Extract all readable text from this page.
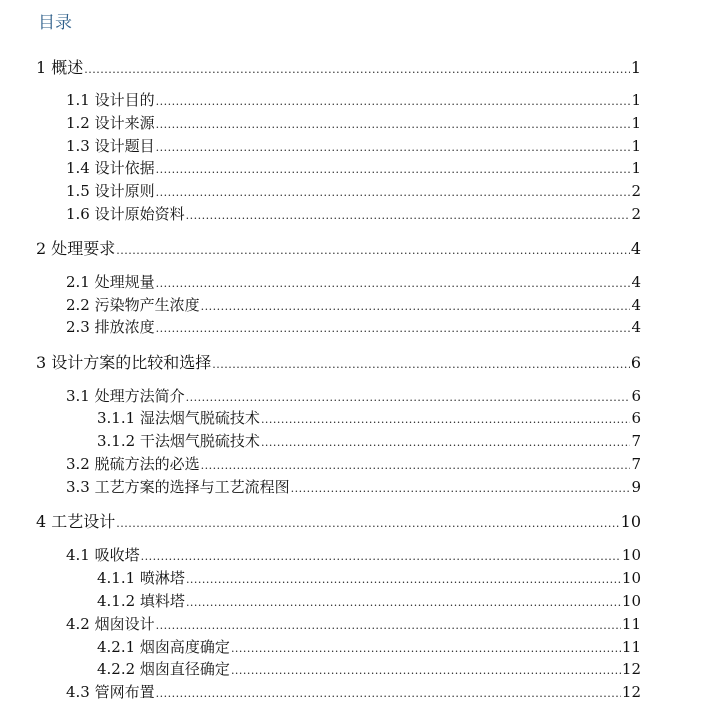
目录
1 概述 .....	1
1.1 设计目的 .....	1
1.2 设计来源 .....	1
1.3 设计题目 .....	1
1.4 设计依据 .....	1
1.5 设计原则 .....	2
1.6 设计原始资料 .....	2
2 处理要求 .....	4
2.1 处理规量 .....	4
2.2 污染物产生浓度 .....	4
2.3 排放浓度 .....	4
3 设计方案的比较和选择 .....	6
3.1 处理方法简介 .....	6
3.1.1 湿法烟气脱硫技术 .....	6
3.1.2 干法烟气脱硫技术 .....	7
3.2 脱硫方法的必选 .....	7
3.3 工艺方案的选择与工艺流程图 .....	9
4 工艺设计 .....	10
4.1 吸收塔 .....	10
4.1.1 喷淋塔 .....	10
4.1.2 填料塔 .....	10
4.2 烟囱设计 .....	11
4.2.1 烟囱高度确定 .....	11
4.2.2 烟囱直径确定 .....	12
4.3 管网布置 .....	12
